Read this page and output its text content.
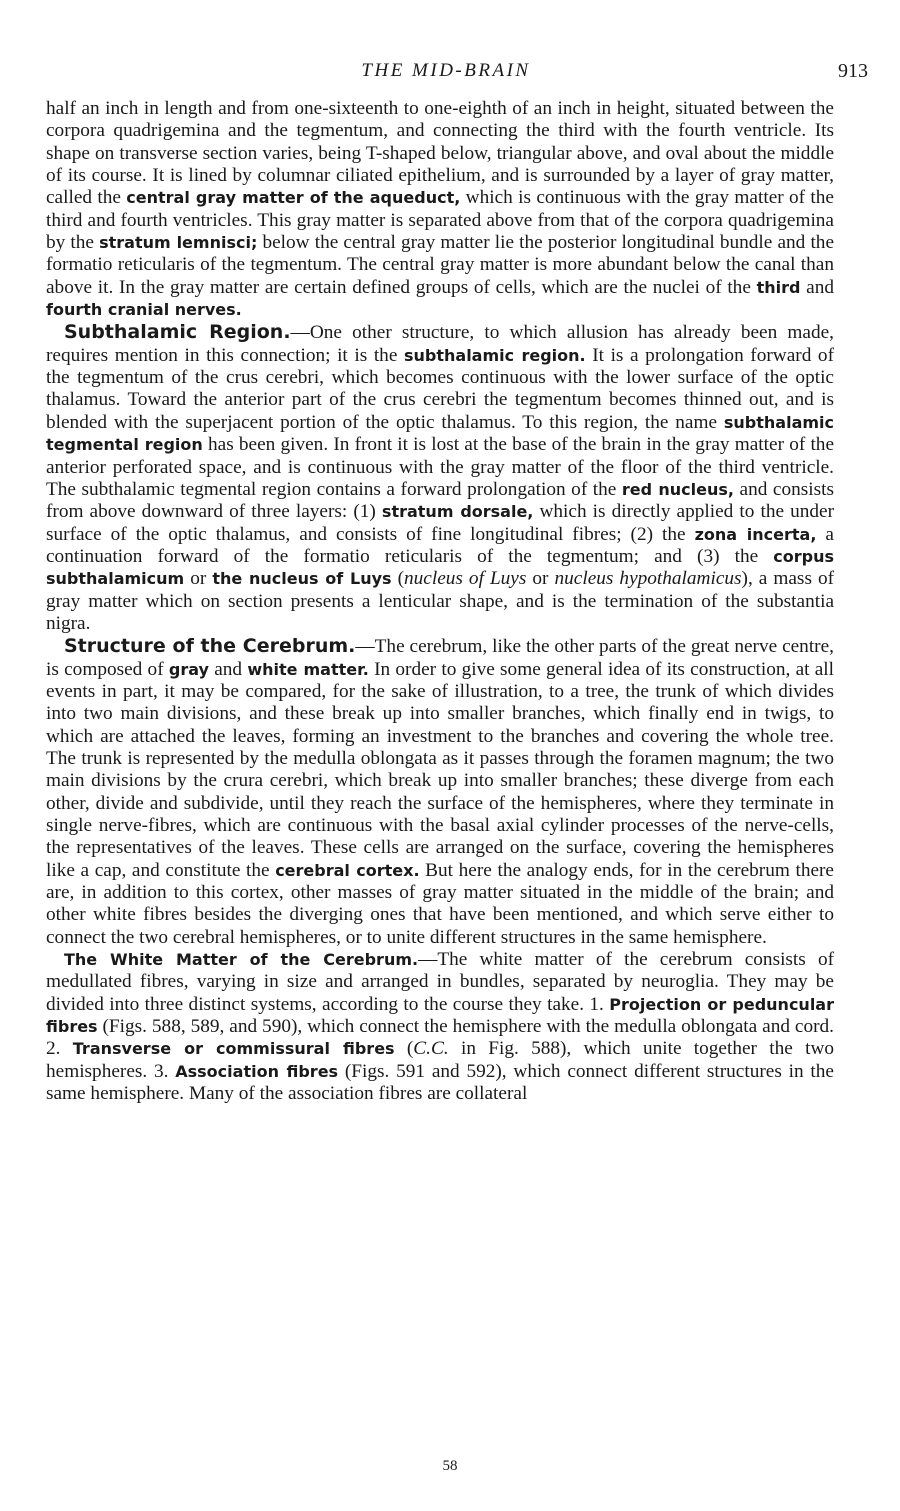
THE MID-BRAIN	913

half an inch in length and from one-sixteenth to one-eighth of an inch in height, situated between the corpora quadrigemina and the tegmentum, and connecting the third with the fourth ventricle. Its shape on transverse section varies, being T-shaped below, triangular above, and oval about the middle of its course. It is lined by columnar ciliated epithelium, and is surrounded by a layer of gray matter, called the central gray matter of the aqueduct, which is continuous with the gray matter of the third and fourth ventricles. This gray matter is separated above from that of the corpora quadrigemina by the stratum lemnisci; below the central gray matter lie the posterior longitudinal bundle and the formatio reticularis of the tegmentum. The central gray matter is more abundant below the canal than above it. In the gray matter are certain defined groups of cells, which are the nuclei of the third and fourth cranial nerves.

Subthalamic Region.—One other structure, to which allusion has already been made, requires mention in this connection; it is the subthalamic region. It is a prolongation forward of the tegmentum of the crus cerebri, which becomes continuous with the lower surface of the optic thalamus. Toward the anterior part of the crus cerebri the tegmentum becomes thinned out, and is blended with the superjacent portion of the optic thalamus. To this region, the name subthalamic tegmental region has been given. In front it is lost at the base of the brain in the gray matter of the anterior perforated space, and is continuous with the gray matter of the floor of the third ventricle. The subthalamic tegmental region contains a forward prolongation of the red nucleus, and consists from above downward of three layers: (1) stratum dorsale, which is directly applied to the under surface of the optic thalamus, and consists of fine longitudinal fibres; (2) the zona incerta, a continuation forward of the formatio reticularis of the tegmentum; and (3) the corpus subthalamicum or the nucleus of Luys (nucleus of Luys or nucleus hypothalamicus), a mass of gray matter which on section presents a lenticular shape, and is the termination of the substantia nigra.

Structure of the Cerebrum.—The cerebrum, like the other parts of the great nerve centre, is composed of gray and white matter. In order to give some general idea of its construction, at all events in part, it may be compared, for the sake of illustration, to a tree, the trunk of which divides into two main divisions, and these break up into smaller branches, which finally end in twigs, to which are attached the leaves, forming an investment to the branches and covering the whole tree. The trunk is represented by the medulla oblongata as it passes through the foramen magnum; the two main divisions by the crura cerebri, which break up into smaller branches; these diverge from each other, divide and subdivide, until they reach the surface of the hemispheres, where they terminate in single nerve-fibres, which are continuous with the basal axial cylinder processes of the nerve-cells, the representatives of the leaves. These cells are arranged on the surface, covering the hemispheres like a cap, and constitute the cerebral cortex. But here the analogy ends, for in the cerebrum there are, in addition to this cortex, other masses of gray matter situated in the middle of the brain; and other white fibres besides the diverging ones that have been mentioned, and which serve either to connect the two cerebral hemispheres, or to unite different structures in the same hemisphere.

The White Matter of the Cerebrum.—The white matter of the cerebrum consists of medullated fibres, varying in size and arranged in bundles, separated by neuroglia. They may be divided into three distinct systems, according to the course they take. 1. Projection or peduncular fibres (Figs. 588, 589, and 590), which connect the hemisphere with the medulla oblongata and cord. 2. Transverse or commissural fibres (C.C. in Fig. 588), which unite together the two hemispheres. 3. Association fibres (Figs. 591 and 592), which connect different structures in the same hemisphere. Many of the association fibres are collateral

58
